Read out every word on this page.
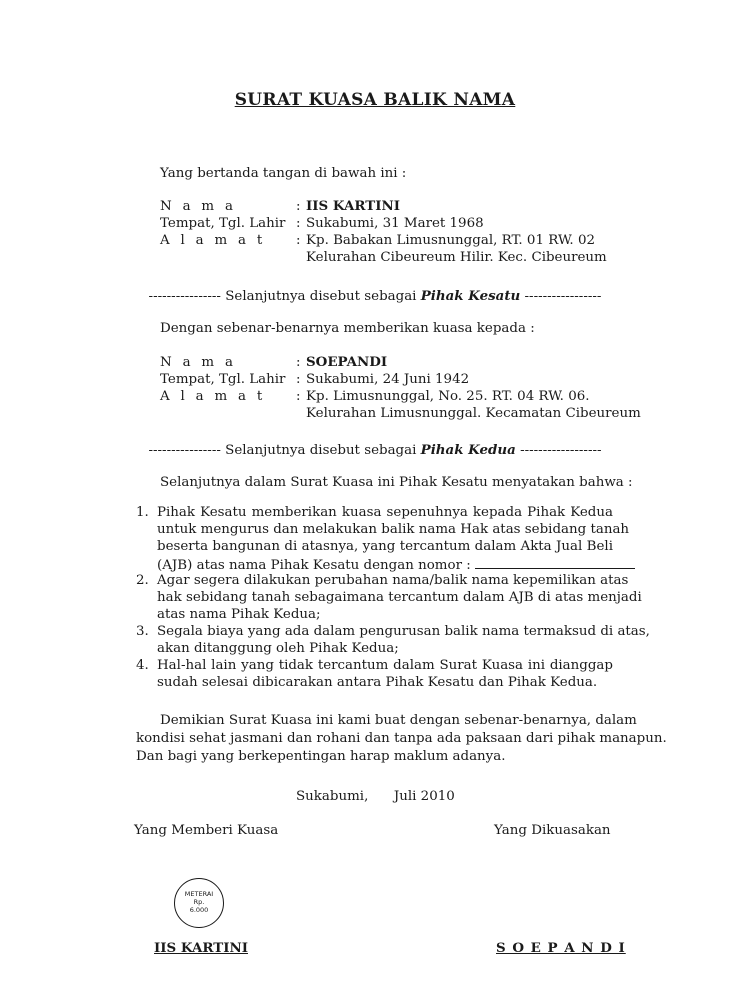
SURAT KUASA BALIK NAMA
Yang bertanda tangan di bawah ini :
N a m a	: IIS KARTINI
Tempat, Tgl. Lahir : Sukabumi, 31 Maret 1968
A l a m a t : Kp. Babakan Limusnunggal, RT. 01 RW. 02
Kelurahan Cibeureum Hilir. Kec. Cibeureum
---------------- Selanjutnya disebut sebagai Pihak Kesatu -----------------
Dengan sebenar-benarnya memberikan kuasa kepada :
N a m a	: SOEPANDI
Tempat, Tgl. Lahir : Sukabumi, 24 Juni 1942
A l a m a t : Kp. Limusnunggal, No. 25. RT. 04 RW. 06.
Kelurahan Limusnunggal. Kecamatan Cibeureum
---------------- Selanjutnya disebut sebagai Pihak Kedua ------------------
Selanjutnya dalam Surat Kuasa ini Pihak Kesatu menyatakan bahwa :
1. Pihak Kesatu memberikan kuasa sepenuhnya kepada Pihak Kedua
untuk mengurus dan melakukan balik nama Hak atas sebidang tanah
beserta bangunan di atasnya, yang tercantum dalam Akta Jual Beli
(AJB) atas nama Pihak Kesatu dengan nomor :
2. Agar segera dilakukan perubahan nama/balik nama kepemilikan atas
hak sebidang tanah sebagaimana tercantum dalam AJB di atas menjadi
atas nama Pihak Kedua;
3. Segala biaya yang ada dalam pengurusan balik nama termaksud di atas,
akan ditanggung oleh Pihak Kedua;
4. Hal-hal lain yang tidak tercantum dalam Surat Kuasa ini dianggap
sudah selesai dibicarakan antara Pihak Kesatu dan Pihak Kedua.
Demikian Surat Kuasa ini kami buat dengan sebenar-benarnya, dalam
kondisi sehat jasmani dan rohani dan tanpa ada paksaan dari pihak manapun.
Dan bagi yang berkepentingan harap maklum adanya.
Sukabumi,      Juli 2010
Yang Memberi Kuasa	Yang Dikuasakan
METERAI
Rp.
6.000
IIS KARTINI	S O E P A N D I
